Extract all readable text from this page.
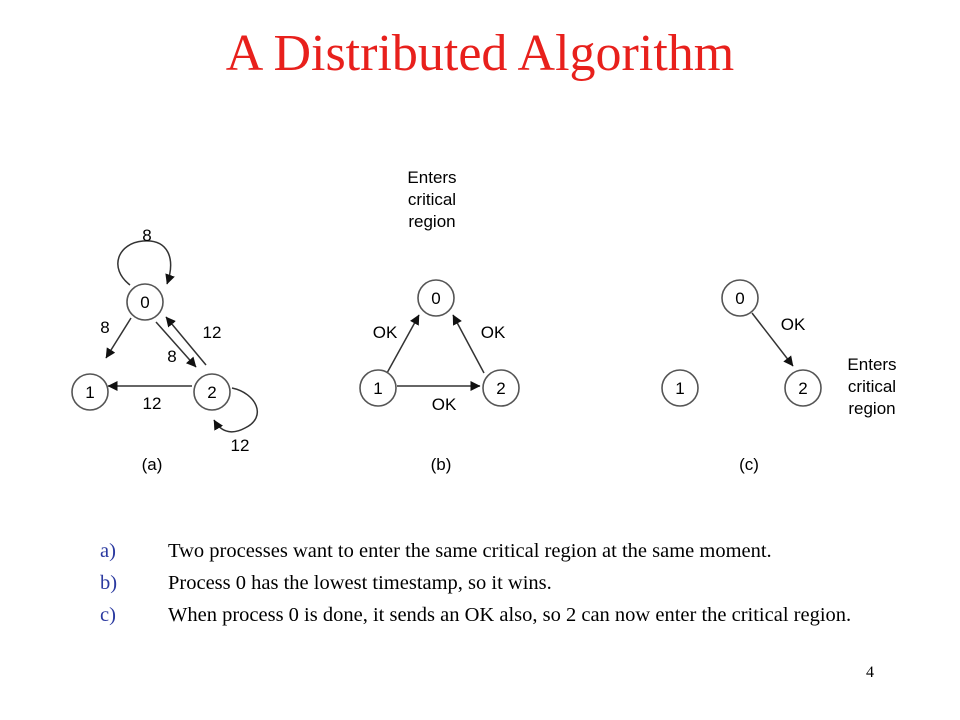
A Distributed Algorithm
8
8
8
12
12
12
0
1	2
(a)
Enters
critical
region
OK	OK
OK
0
1	2
(b)
OK
Enters
critical
region
0
1	2
(c)
a)	Two processes want to enter the same critical region at the same moment.
b) Process 0 has the lowest timestamp, so it wins.
c)	When process 0 is done, it sends an OK also, so 2 can now enter the critical region.
4
